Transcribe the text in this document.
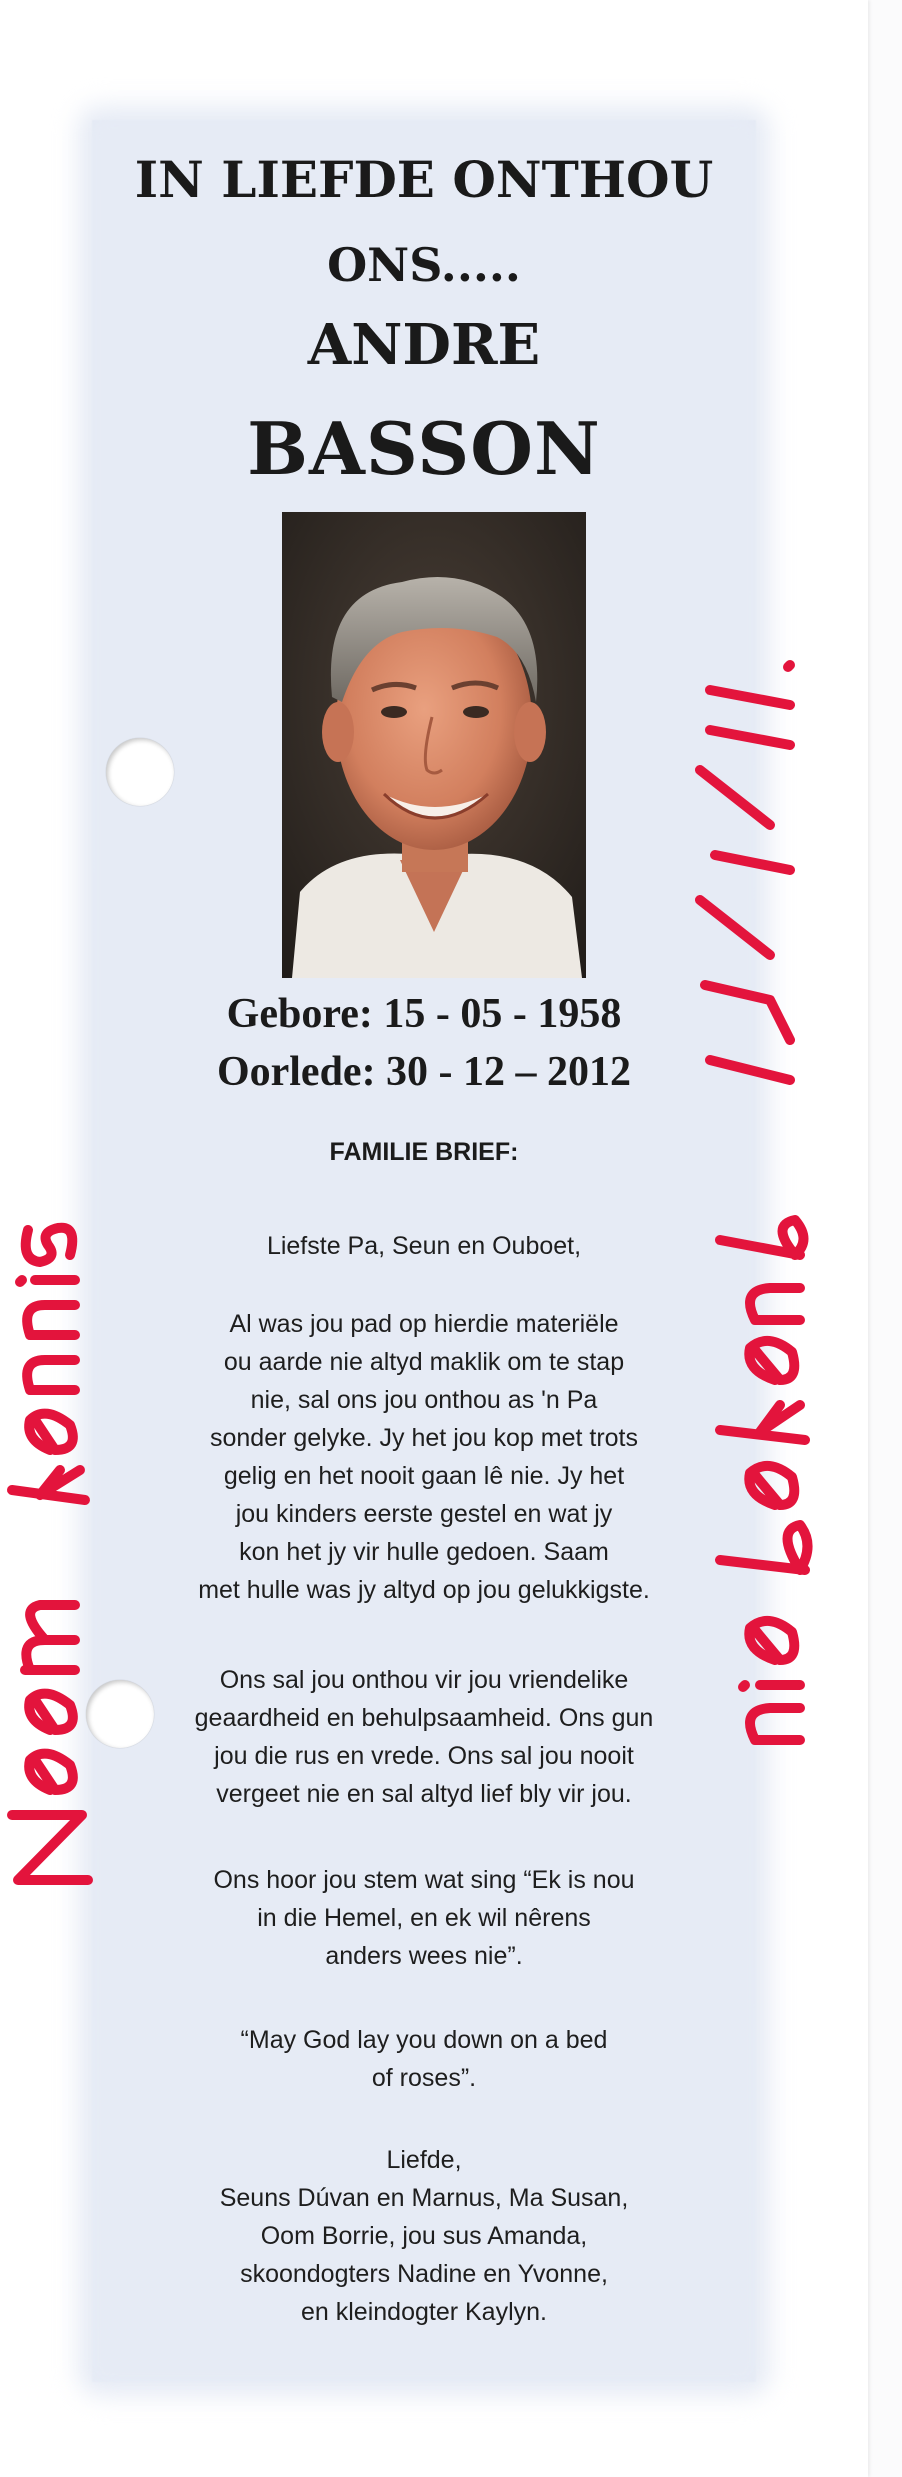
IN LIEFDE ONTHOU
ONS.....
ANDRE
BASSON
Gebore: 15 - 05 - 1958
Oorlede: 30 - 12 – 2012
FAMILIE BRIEF:
Liefste Pa, Seun en Ouboet,
Al was jou pad op hierdie materiële
ou aarde nie altyd maklik om te stap
nie, sal ons jou onthou as 'n Pa
sonder gelyke. Jy het jou kop met trots
gelig en het nooit gaan lê nie. Jy het
jou kinders eerste gestel en wat jy
kon het jy vir hulle gedoen. Saam
met hulle was jy altyd op jou gelukkigste.
Ons sal jou onthou vir jou vriendelike
geaardheid en behulpsaamheid. Ons gun
jou die rus en vrede. Ons sal jou nooit
vergeet nie en sal altyd lief bly vir jou.
Ons hoor jou stem wat sing “Ek is nou
in die Hemel, en ek wil nêrens
anders wees nie”.
“May God lay you down on a bed
of roses”.
Liefde,
Seuns Dúvan en Marnus, Ma Susan,
Oom Borrie, jou sus Amanda,
skoondogters Nadine en Yvonne,
en kleindogter Kaylyn.
